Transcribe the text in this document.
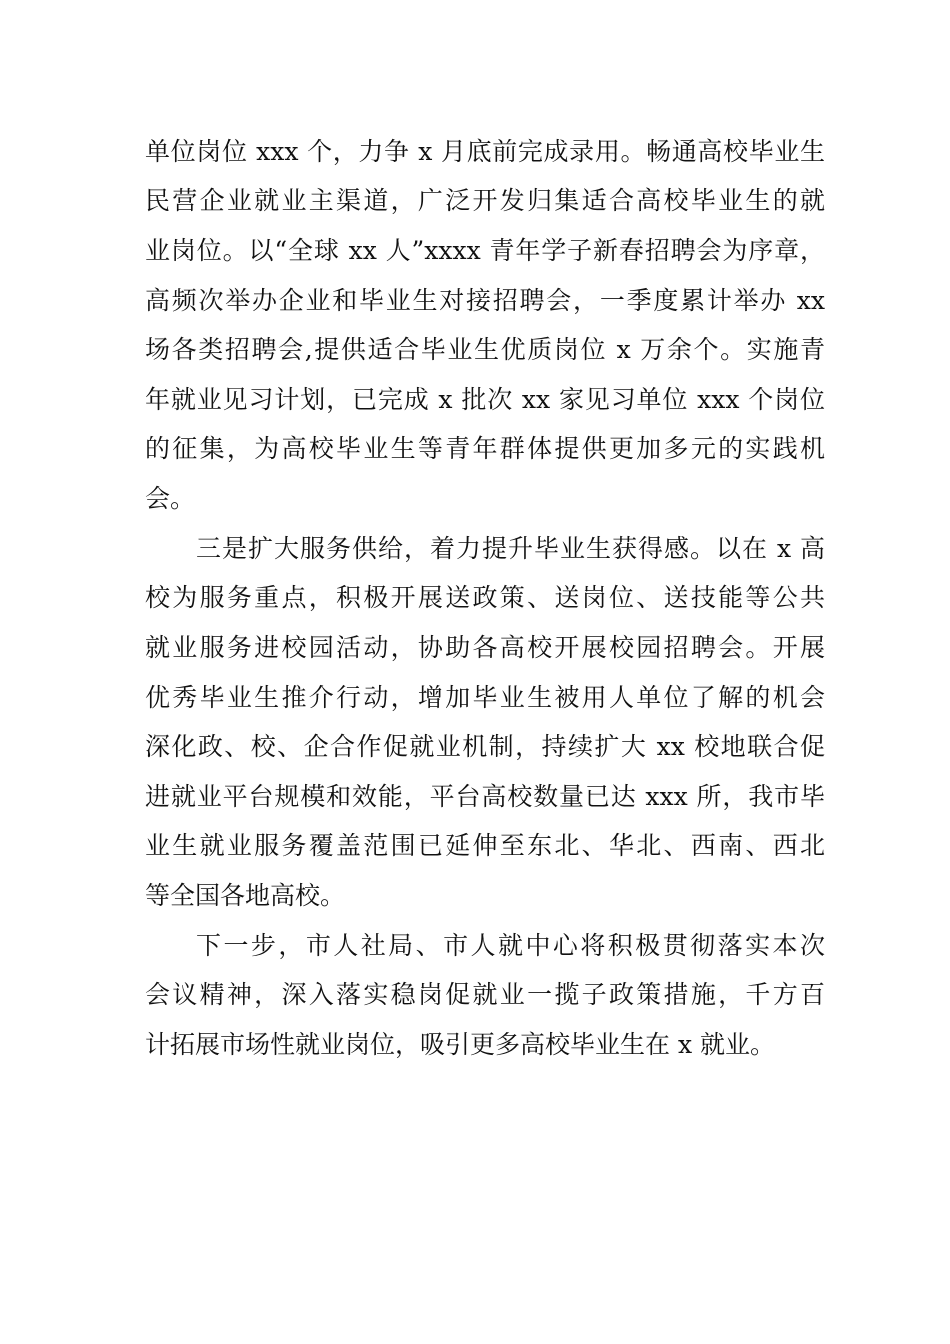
单位岗位 xxx 个，力争 x 月底前完成录用。畅通高校毕业生
民营企业就业主渠道，广泛开发归集适合高校毕业生的就
业岗位。以“全球 xx 人”xxxx 青年学子新春招聘会为序章，
高频次举办企业和毕业生对接招聘会，一季度累计举办 xx
场各类招聘会,提供适合毕业生优质岗位 x 万余个。实施青
年就业见习计划，已完成 x 批次 xx 家见习单位 xxx 个岗位
的征集，为高校毕业生等青年群体提供更加多元的实践机
会。
三是扩大服务供给，着力提升毕业生获得感。以在 x 高
校为服务重点，积极开展送政策、送岗位、送技能等公共
就业服务进校园活动，协助各高校开展校园招聘会。开展
优秀毕业生推介行动，增加毕业生被用人单位了解的机会
深化政、校、企合作促就业机制，持续扩大 xx 校地联合促
进就业平台规模和效能，平台高校数量已达 xxx 所，我市毕
业生就业服务覆盖范围已延伸至东北、华北、西南、西北
等全国各地高校。
下一步，市人社局、市人就中心将积极贯彻落实本次
会议精神，深入落实稳岗促就业一揽子政策措施，千方百
计拓展市场性就业岗位，吸引更多高校毕业生在 x 就业。
